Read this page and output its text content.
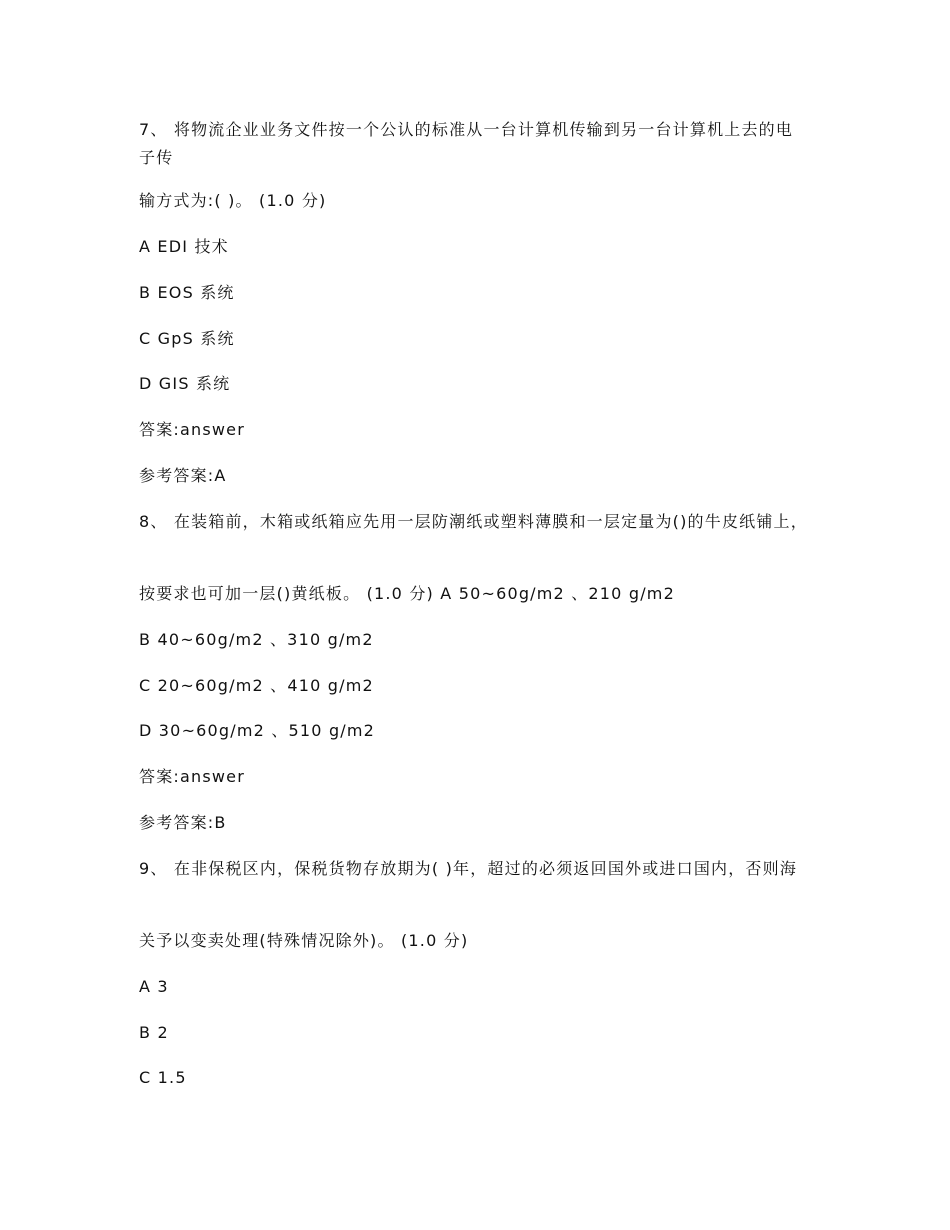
7、 将物流企业业务文件按一个公认的标准从一台计算机传输到另一台计算机上去的电子传
输方式为:( )。 (1.0 分)
A EDI 技术
B EOS 系统
C GpS 系统
D GIS 系统
答案:answer
参考答案:A
8、 在装箱前，木箱或纸箱应先用一层防潮纸或塑料薄膜和一层定量为()的牛皮纸铺上，
按要求也可加一层()黄纸板。 (1.0 分) A 50~60g/m2 、210 g/m2
B 40~60g/m2 、310 g/m2
C 20~60g/m2 、410 g/m2
D 30~60g/m2 、510 g/m2
答案:answer
参考答案:B
9、 在非保税区内，保税货物存放期为( )年，超过的必须返回国外或进口国内，否则海
关予以变卖处理(特殊情况除外)。 (1.0 分)
A 3
B 2
C 1.5
